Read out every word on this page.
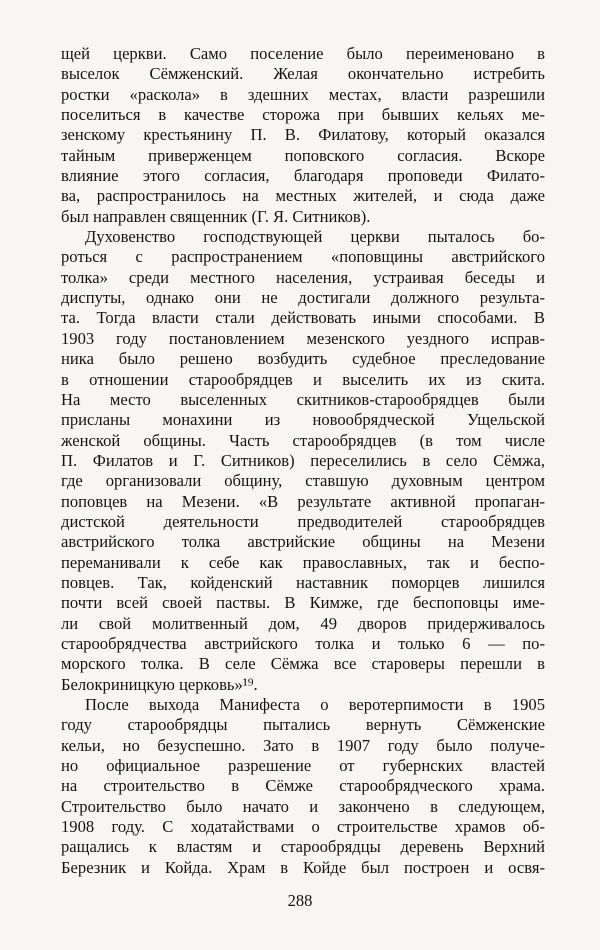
щей церкви. Само поселение было переименовано в
выселок Сёмженский. Желая окончательно истребить
ростки «раскола» в здешних местах, власти разрешили
поселиться в качестве сторожа при бывших кельях ме-
зенскому крестьянину П. В. Филатову, который оказался
тайным приверженцем поповского согласия. Вскоре
влияние этого согласия, благодаря проповеди Филато-
ва, распространилось на местных жителей, и сюда даже
был направлен священник (Г. Я. Ситников).
Духовенство господствующей церкви пыталось бо-
роться с распространением «поповщины австрийского
толка» среди местного населения, устраивая беседы и
диспуты, однако они не достигали должного результа-
та. Тогда власти стали действовать иными способами. В
1903 году постановлением мезенского уездного исправ-
ника было решено возбудить судебное преследование
в отношении старообрядцев и выселить их из скита.
На место выселенных скитников-старообрядцев были
присланы монахини из новообрядческой Ущельской
женской общины. Часть старообрядцев (в том числе
П. Филатов и Г. Ситников) переселились в село Сёмжа,
где организовали общину, ставшую духовным центром
поповцев на Мезени. «В результате активной пропаган-
дистской деятельности предводителей старообрядцев
австрийского толка австрийские общины на Мезени
переманивали к себе как православных, так и беспо-
повцев. Так, койденский наставник поморцев лишился
почти всей своей паствы. В Кимже, где беспоповцы име-
ли свой молитвенный дом, 49 дворов придерживалось
старообрядчества австрийского толка и только 6 — по-
морского толка. В селе Сёмжа все староверы перешли в
Белокриницкую церковь»¹⁹.
После выхода Манифеста о веротерпимости в 1905
году старообрядцы пытались вернуть Сёмженские
кельи, но безуспешно. Зато в 1907 году было получе-
но официальное разрешение от губернских властей
на строительство в Сёмже старообрядческого храма.
Строительство было начато и закончено в следующем,
1908 году. С ходатайствами о строительстве храмов об-
ращались к властям и старообрядцы деревень Верхний
Березник и Койда. Храм в Койде был построен и освя-
288
